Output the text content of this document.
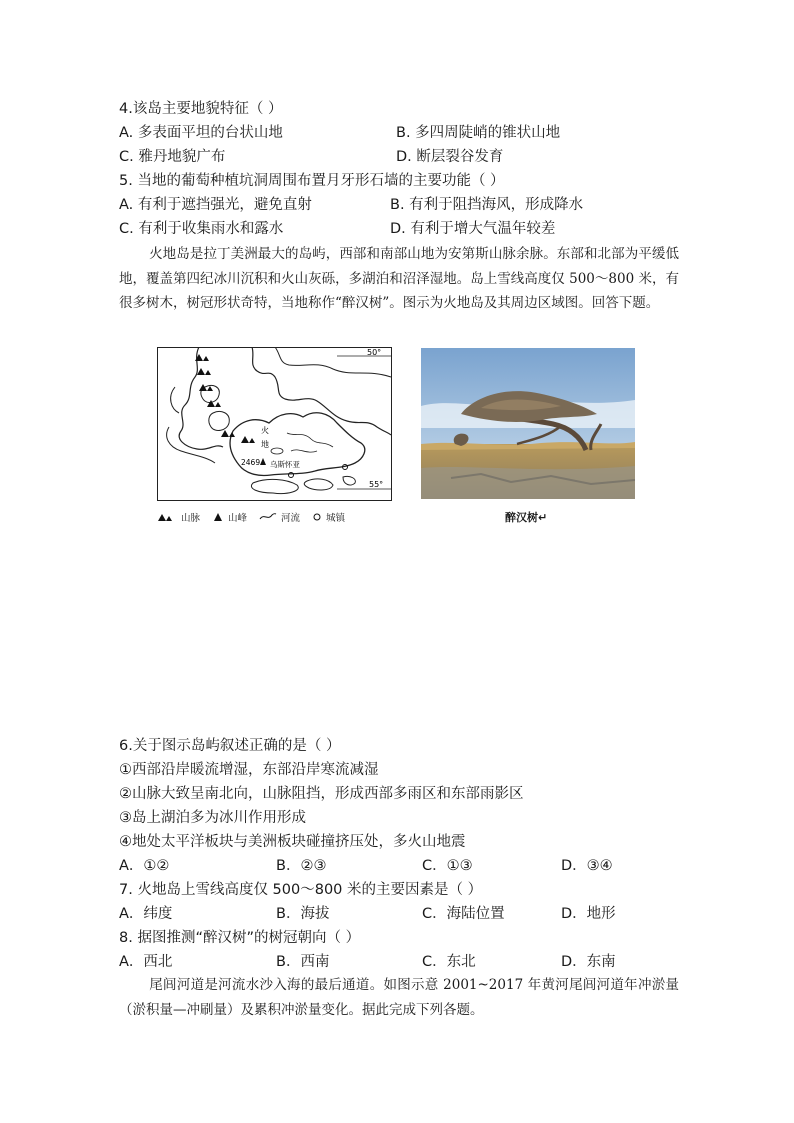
4.该岛主要地貌特征（ ）
A. 多表面平坦的台状山地	B. 多四周陡峭的锥状山地
C. 雅丹地貌广布	D. 断层裂谷发育
5. 当地的葡萄种植坑洞周围布置月牙形石墙的主要功能（ ）
A. 有利于遮挡强光，避免直射	B. 有利于阻挡海风，形成降水
C. 有利于收集雨水和露水	D. 有利于增大气温年较差
火地岛是拉丁美洲最大的岛屿，西部和南部山地为安第斯山脉余脉。东部和北部为平缓低地，覆盖第四纪冰川沉积和火山灰砾，多湖泊和沼泽湿地。岛上雪线高度仅 500～800 米，有很多树木，树冠形状奇特，当地称作“醉汉树”。图示为火地岛及其周边区域图。回答下题。
50°
55°
2469 乌斯怀亚
火
地
山脉	山峰	河流	城镇	醉汉树↵
6.关于图示岛屿叙述正确的是（ ）
①西部沿岸暖流增湿，东部沿岸寒流减湿
②山脉大致呈南北向，山脉阻挡，形成西部多雨区和东部雨影区
③岛上湖泊多为冰川作用形成
④地处太平洋板块与美洲板块碰撞挤压处，多火山地震
A．①②	B．②③	C．①③	D．③④
7. 火地岛上雪线高度仅 500～800 米的主要因素是（ ）
A．纬度	B．海拔	C．海陆位置	D．地形
8. 据图推测“醉汉树”的树冠朝向（ ）
A．西北	B．西南	C．东北	D．东南
尾闾河道是河流水沙入海的最后通道。如图示意 2001~2017 年黄河尾闾河道年冲淤量（淤积量—冲刷量）及累积冲淤量变化。据此完成下列各题。
